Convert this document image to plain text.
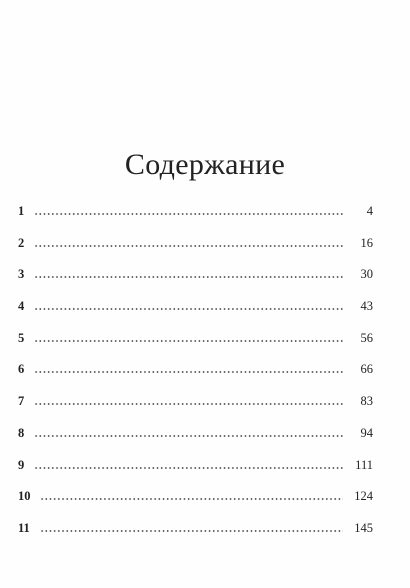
Содержание
1	4
2	16
3	30
4	43
5	56
6	66
7	83
8	94
9	111
10	124
11	145
